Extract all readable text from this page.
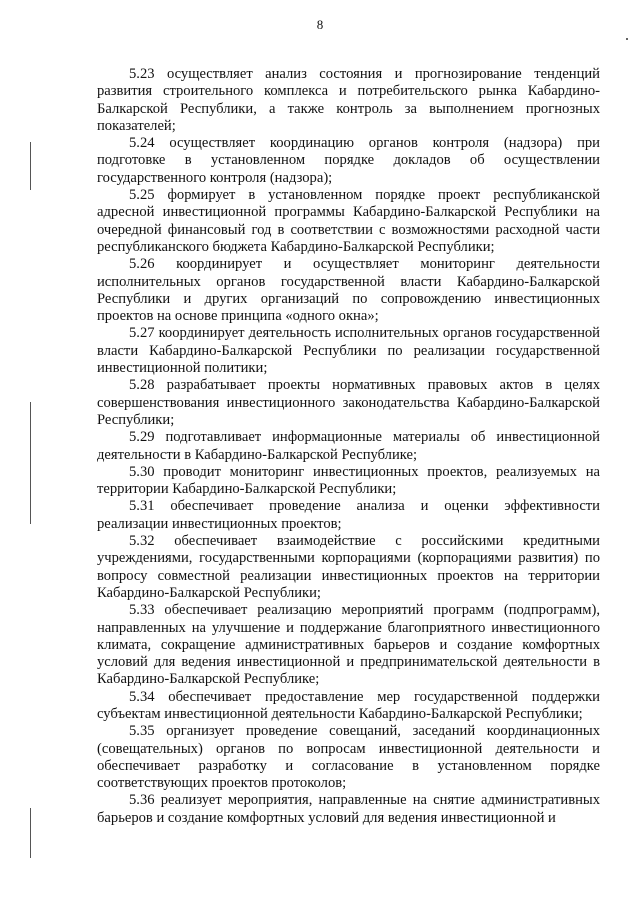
8

5.23 осуществляет анализ состояния и прогнозирование тенденций развития строительного комплекса и потребительского рынка Кабардино-Балкарской Республики, а также контроль за выполнением прогнозных показателей;

5.24 осуществляет координацию органов контроля (надзора) при подготовке в установленном порядке докладов об осуществлении государственного контроля (надзора);

5.25 формирует в установленном порядке проект республиканской адресной инвестиционной программы Кабардино-Балкарской Республики на очередной финансовый год в соответствии с возможностями расходной части республиканского бюджета Кабардино-Балкарской Республики;

5.26 координирует и осуществляет мониторинг деятельности исполнительных органов государственной власти Кабардино-Балкарской Республики и других организаций по сопровождению инвестиционных проектов на основе принципа «одного окна»;

5.27 координирует деятельность исполнительных органов государственной власти Кабардино-Балкарской Республики по реализации государственной инвестиционной политики;

5.28 разрабатывает проекты нормативных правовых актов в целях совершенствования инвестиционного законодательства Кабардино-Балкарской Республики;

5.29 подготавливает информационные материалы об инвестиционной деятельности в Кабардино-Балкарской Республике;

5.30 проводит мониторинг инвестиционных проектов, реализуемых на территории Кабардино-Балкарской Республики;

5.31 обеспечивает проведение анализа и оценки эффективности реализации инвестиционных проектов;

5.32 обеспечивает взаимодействие с российскими кредитными учреждениями, государственными корпорациями (корпорациями развития) по вопросу совместной реализации инвестиционных проектов на территории Кабардино-Балкарской Республики;

5.33 обеспечивает реализацию мероприятий программ (подпрограмм), направленных на улучшение и поддержание благоприятного инвестиционного климата, сокращение административных барьеров и создание комфортных условий для ведения инвестиционной и предпринимательской деятельности в Кабардино-Балкарской Республике;

5.34 обеспечивает предоставление мер государственной поддержки субъектам инвестиционной деятельности Кабардино-Балкарской Республики;

5.35 организует проведение совещаний, заседаний координационных (совещательных) органов по вопросам инвестиционной деятельности и обеспечивает разработку и согласование в установленном порядке соответствующих проектов протоколов;

5.36 реализует мероприятия, направленные на снятие административных барьеров и создание комфортных условий для ведения инвестиционной и
